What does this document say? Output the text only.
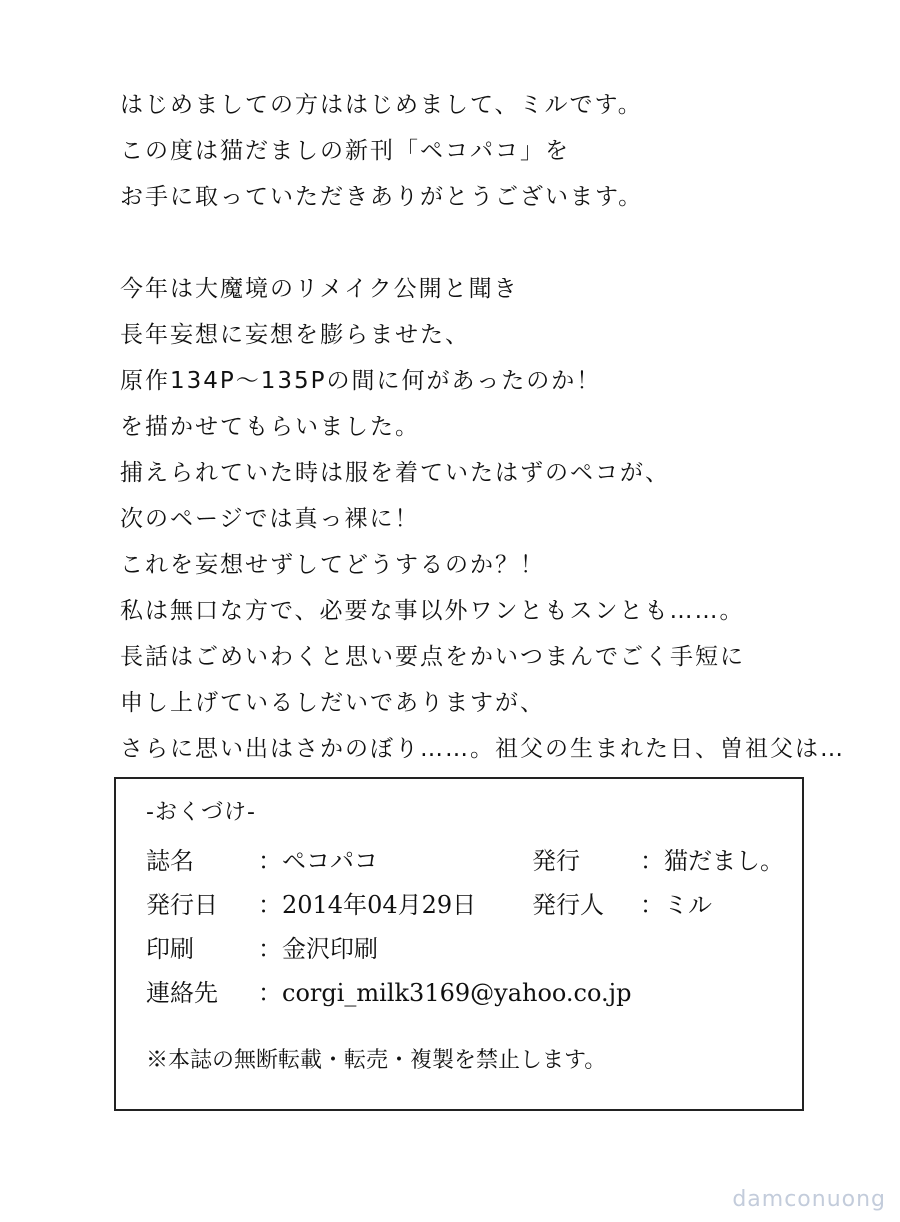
はじめましての方ははじめまして、ミルです。
この度は猫だましの新刊「ペコパコ」を
お手に取っていただきありがとうございます。
今年は大魔境のリメイク公開と聞き
長年妄想に妄想を膨らませた、
原作134P〜135Pの間に何があったのか！
を描かせてもらいました。
捕えられていた時は服を着ていたはずのペコが、
次のページでは真っ裸に！
これを妄想せずしてどうするのか？！
私は無口な方で、必要な事以外ワンともスンとも……。
長話はごめいわくと思い要点をかいつまんでごく手短に
申し上げているしだいでありますが、
さらに思い出はさかのぼり……。祖父の生まれた日、曽祖父は…
-おくづけ-
誌名	：ペコパコ	発行	：猫だまし。
発行日 ：2014年04月29日 発行人 ：ミル
印刷	：金沢印刷
連絡先 ：corgi_milk3169@yahoo.co.jp
※本誌の無断転載・転売・複製を禁止します。
damconuong
